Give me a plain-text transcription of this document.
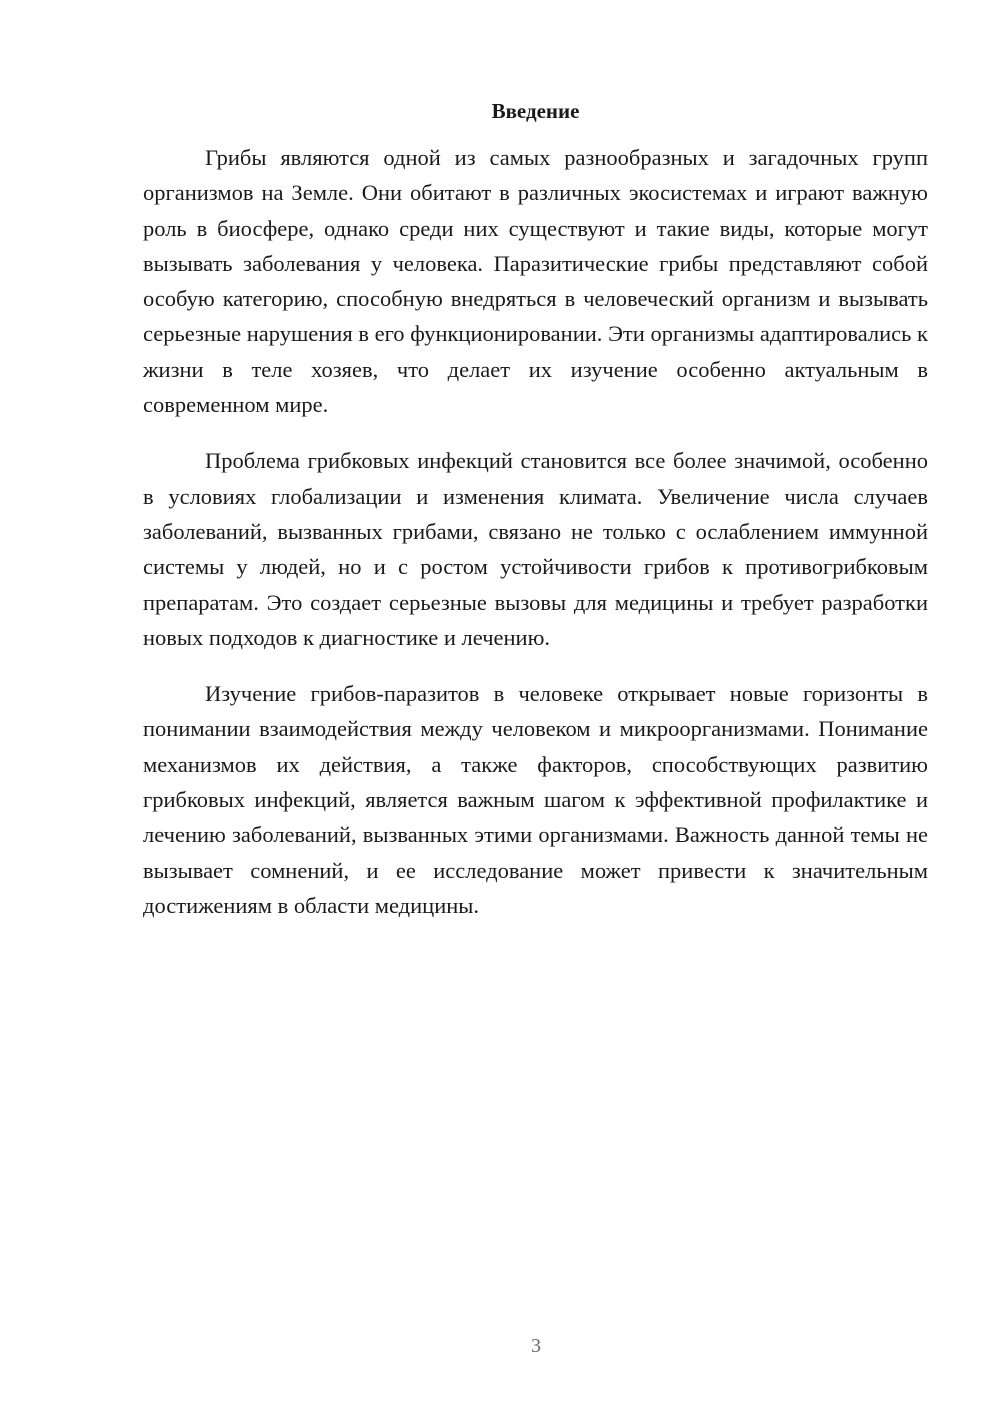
Введение

Грибы являются одной из самых разнообразных и загадочных групп организмов на Земле. Они обитают в различных экосистемах и играют важную роль в биосфере, однако среди них существуют и такие виды, которые могут вызывать заболевания у человека. Паразитические грибы представляют собой особую категорию, способную внедряться в человеческий организм и вызывать серьезные нарушения в его функционировании. Эти организмы адаптировались к жизни в теле хозяев, что делает их изучение особенно актуальным в современном мире.

Проблема грибковых инфекций становится все более значимой, особенно в условиях глобализации и изменения климата. Увеличение числа случаев заболеваний, вызванных грибами, связано не только с ослаблением иммунной системы у людей, но и с ростом устойчивости грибов к противогрибковым препаратам. Это создает серьезные вызовы для медицины и требует разработки новых подходов к диагностике и лечению.

Изучение грибов-паразитов в человеке открывает новые горизонты в понимании взаимодействия между человеком и микроорганизмами. Понимание механизмов их действия, а также факторов, способствующих развитию грибковых инфекций, является важным шагом к эффективной профилактике и лечению заболеваний, вызванных этими организмами. Важность данной темы не вызывает сомнений, и ее исследование может привести к значительным достижениям в области медицины.

3
